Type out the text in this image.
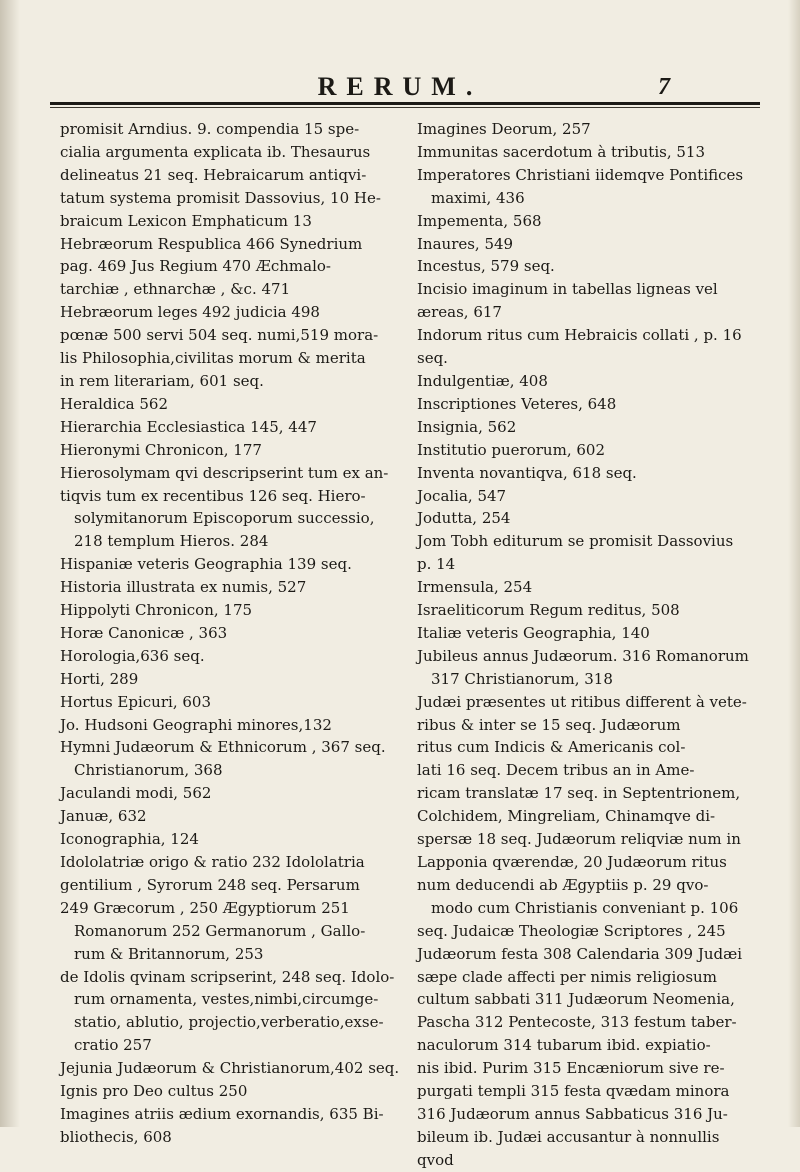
RERUM.	7
promisit Arndius. 9. compendia 15 spe-
cialia argumenta explicata ib. Thesaurus
delineatus 21 seq. Hebraicarum antiqvi-
tatum systema promisit Dassovius, 10 He-
braicum Lexicon Emphaticum 13
Hebræorum Respublica 466 Synedrium
pag. 469 Jus Regium 470 Æchmalo-
tarchiæ , ethnarchæ , &c. 471
Hebræorum leges 492 judicia 498
pœnæ 500 servi 504 seq. numi,519 mora-
lis Philosophia,civilitas morum & merita
in rem literariam, 601 seq.
Heraldica 562
Hierarchia Ecclesiastica 145, 447
Hieronymi Chronicon, 177
Hierosolymam qvi descripserint tum ex an-
tiqvis tum ex recentibus 126 seq. Hiero-
solymitanorum Episcoporum successio,
218 templum Hieros. 284
Hispaniæ veteris Geographia 139 seq.
Historia illustrata ex numis, 527
Hippolyti Chronicon, 175
Horæ Canonicæ , 363
Horologia,636 seq.
Horti, 289
Hortus Epicuri, 603
Jo. Hudsoni Geographi minores,132
Hymni Judæorum & Ethnicorum , 367 seq.
Christianorum, 368
Jaculandi modi, 562
Januæ, 632
Iconographia, 124
Idololatriæ origo & ratio 232 Idololatria
gentilium , Syrorum 248 seq. Persarum
249 Græcorum , 250 Ægyptiorum 251
Romanorum 252 Germanorum , Gallo-
rum & Britannorum, 253
de Idolis qvinam scripserint, 248 seq. Idolo-
rum ornamenta, vestes,nimbi,circumge-
statio, ablutio, projectio,verberatio,exse-
cratio 257
Jejunia Judæorum & Christianorum,402 seq.
Ignis pro Deo cultus 250
Imagines atriis ædium exornandis, 635 Bi-
bliothecis, 608
Imagines Deorum, 257
Immunitas sacerdotum à tributis, 513
Imperatores Christiani iidemqve Pontifices
maximi, 436
Impementa, 568
Inaures, 549
Incestus, 579 seq.
Incisio imaginum in tabellas ligneas vel
æreas, 617
Indorum ritus cum Hebraicis collati , p. 16
seq.
Indulgentiæ, 408
Inscriptiones Veteres, 648
Insignia, 562
Institutio puerorum, 602
Inventa novantiqva, 618 seq.
Jocalia, 547
Jodutta, 254
Jom Tobh editurum se promisit Dassovius
p. 14
Irmensula, 254
Israeliticorum Regum reditus, 508
Italiæ veteris Geographia, 140
Jubileus annus Judæorum. 316 Romanorum
317 Christianorum, 318
Judæi præsentes ut ritibus different à vete-
ribus & inter se 15 seq. Judæorum
ritus cum Indicis & Americanis col-
lati 16 seq. Decem tribus an in Ame-
ricam translatæ 17 seq. in Septentrionem,
Colchidem, Mingreliam, Chinamqve di-
spersæ 18 seq. Judæorum reliqviæ num in
Lapponia qværendæ, 20 Judæorum ritus
num deducendi ab Ægyptiis p. 29 qvo-
modo cum Christianis conveniant p. 106
seq. Judaicæ Theologiæ Scriptores , 245
Judæorum festa 308 Calendaria 309 Judæi
sæpe clade affecti per nimis religiosum
cultum sabbati 311 Judæorum Neomenia,
Pascha 312 Pentecoste, 313 festum taber-
naculorum 314 tubarum ibid. expiatio-
nis ibid. Purim 315 Encæniorum sive re-
purgati templi 315 festa qvædam minora
316 Judæorum annus Sabbaticus 316 Ju-
bileum ib. Judæi accusantur à nonnullis
qvod
